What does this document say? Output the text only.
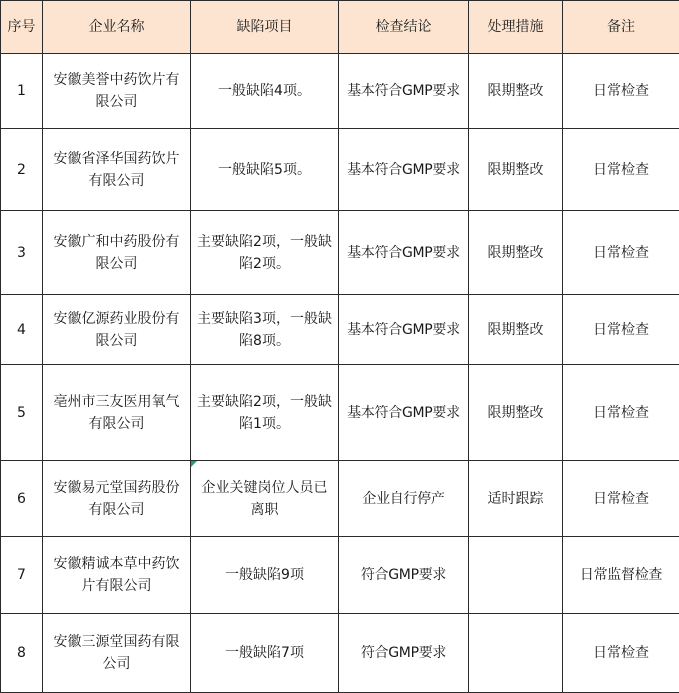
序号	企业名称	缺陷项目	检查结论	处理措施	备注
1	安徽美誉中药饮片有限公司	一般缺陷4项。	基本符合GMP要求	限期整改	日常检查
2	安徽省泽华国药饮片有限公司	一般缺陷5项。	基本符合GMP要求	限期整改	日常检查
3	安徽广和中药股份有限公司	主要缺陷2项，一般缺陷2项。	基本符合GMP要求	限期整改	日常检查
4	安徽亿源药业股份有限公司	主要缺陷3项，一般缺陷8项。	基本符合GMP要求	限期整改	日常检查
5	亳州市三友医用氧气有限公司	主要缺陷2项，一般缺陷1项。	基本符合GMP要求	限期整改	日常检查
6	安徽易元堂国药股份有限公司	企业关键岗位人员已离职	企业自行停产	适时跟踪	日常检查
7	安徽精诚本草中药饮片有限公司	一般缺陷9项	符合GMP要求		日常监督检查
8	安徽三源堂国药有限公司	一般缺陷7项	符合GMP要求		日常检查
